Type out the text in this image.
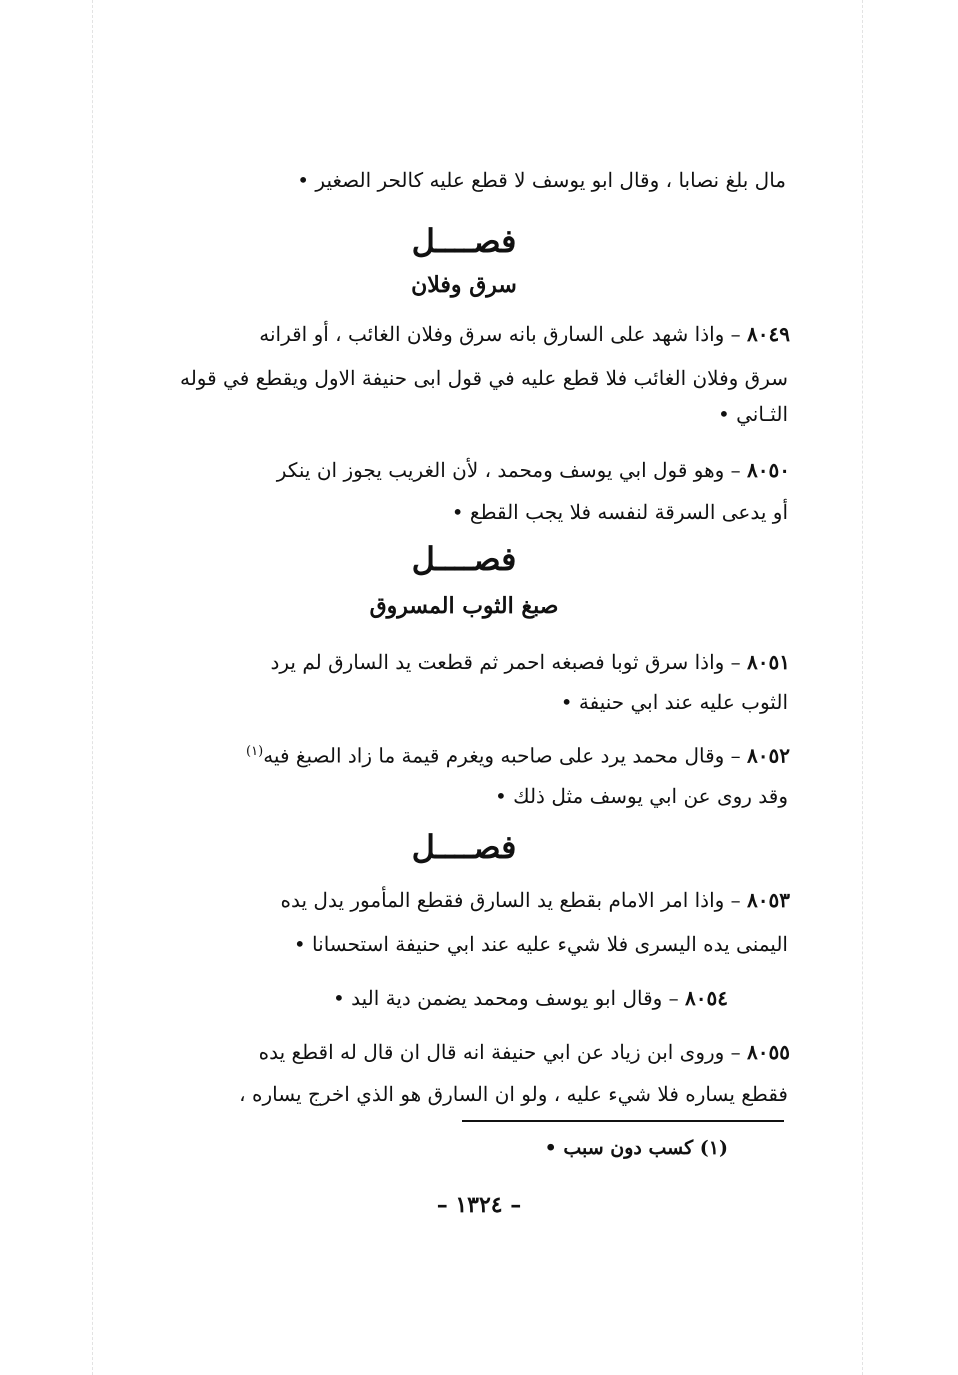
مال بلغ نصابا ، وقال ابو يوسف لا قطع عليه كالحر الصغير •
فصــــل
سرق وفلان
٨٠٤٩ – واذا شهد على السارق بانه سرق وفلان الغائب ، أو اقرانه
سرق وفلان الغائب فلا قطع عليه في قول ابى حنيفة الاول ويقطع في قوله
الثـاني •
٨٠٥٠ – وهو قول ابي يوسف ومحمد ، لأن الغريب يجوز ان ينكر
أو يدعى السرقة لنفسه فلا يجب القطع •
فصــــل
صبغ الثوب المسروق
٨٠٥١ – واذا سرق ثوبا فصبغه احمر ثم قطعت يد السارق لم يرد
الثوب عليه عند ابي حنيفة •
٨٠٥٢ – وقال محمد يرد على صاحبه ويغرم قيمة ما زاد الصبغ فيه$^{(١)}$
وقد روى عن ابي يوسف مثل ذلك •
فصــــل
٨٠٥٣ – واذا امر الامام بقطع يد السارق فقطع المأمور يدل يده
اليمنى يده اليسرى فلا شيء عليه عند ابي حنيفة استحسانا •
٨٠٥٤ – وقال ابو يوسف ومحمد يضمن دية اليد •
٨٠٥٥ – وروى ابن زياد عن ابي حنيفة انه قال ان قال له اقطع يده
فقطع يساره فلا شيء عليه ، ولو ان السارق هو الذي اخرج يساره ،
(١) كسب دون سبب •
– ١٣٢٤ –
